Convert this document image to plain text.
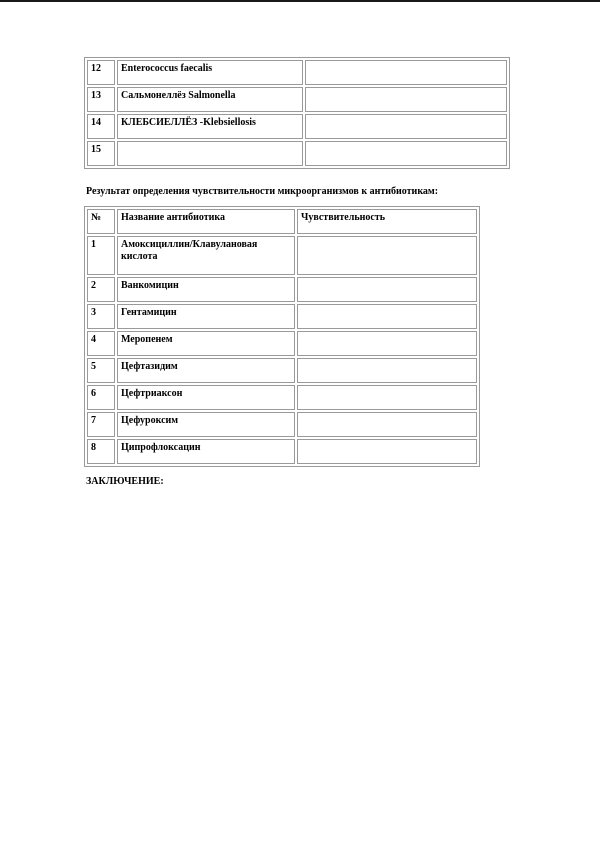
12	Enterococcus faecalis	
13	Сальмонеллёз Salmonella	
14	КЛЕБСИЕЛЛЁЗ -Klebsiellosis	
15		
Результат определения чувствительности микроорганизмов к антибиотикам:
№	Название антибиотика	Чувствительность
1	Амоксициллин/Клавулановая кислота	
2	Ванкомицин	
3	Гентамицин	
4	Меропенем	
5	Цефтазидим	
6	Цефтриаксон	
7	Цефуроксим	
8	Ципрофлоксацин	
ЗАКЛЮЧЕНИЕ:
